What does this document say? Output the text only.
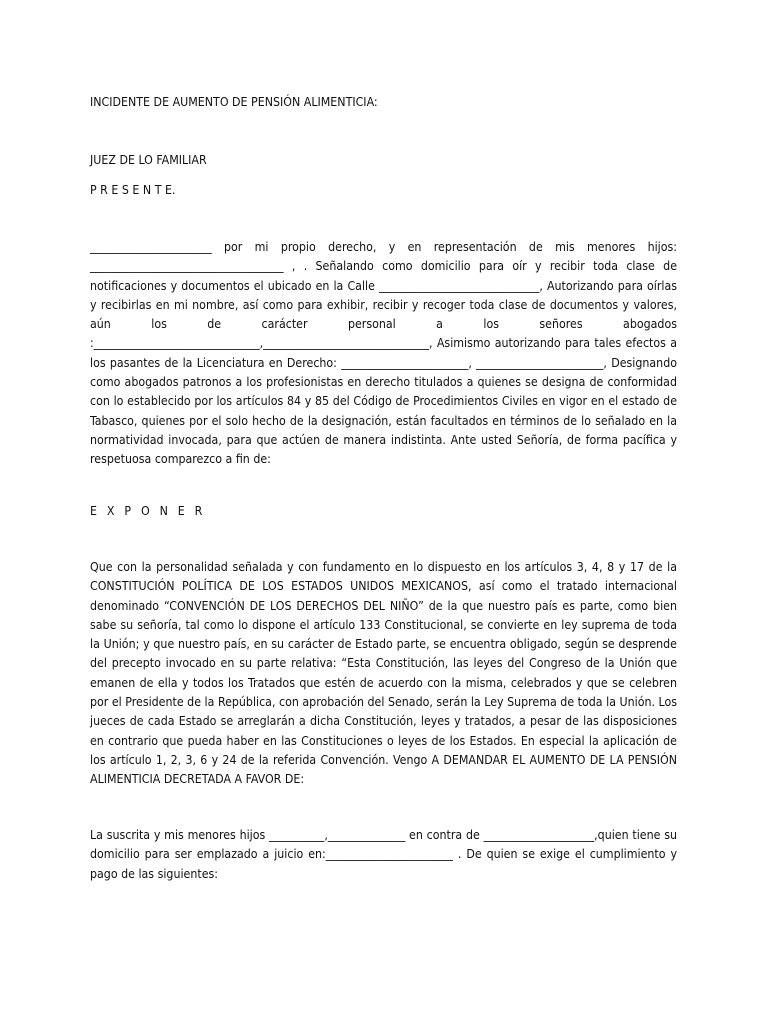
INCIDENTE DE AUMENTO DE PENSIÓN ALIMENTICIA:

JUEZ DE LO FAMILIAR

P R E S E N T E.

______________________ por mi propio derecho, y en representación de mis menores hijos: ___________________________________ , . Señalando como domicilio para oír y recibir toda clase de notificaciones y documentos el ubicado en la Calle _____________________________, Autorizando para oírlas y recibirlas en mi nombre, así como para exhibir, recibir y recoger toda clase de documentos y valores, aún los de carácter personal a los señores abogados :______________________________,______________________________, Asimismo autorizando para tales efectos a los pasantes de la Licenciatura en Derecho: _______________________, _______________________, Designando como abogados patronos a los profesionistas en derecho titulados a quienes se designa de conformidad con lo establecido por los artículos 84 y 85 del Código de Procedimientos Civiles en vigor en el estado de Tabasco, quienes por el solo hecho de la designación, están facultados en términos de lo señalado en la normatividad invocada, para que actúen de manera indistinta. Ante usted Señoría, de forma pacífica y respetuosa comparezco a fin de:

E X P O N E R

Que con la personalidad señalada y con fundamento en lo dispuesto en los artículos 3, 4, 8 y 17 de la CONSTITUCIÓN POLÍTICA DE LOS ESTADOS UNIDOS MEXICANOS, así como el tratado internacional denominado “CONVENCIÓN DE LOS DERECHOS DEL NIÑO” de la que nuestro país es parte, como bien sabe su señoría, tal como lo dispone el artículo 133 Constitucional, se convierte en ley suprema de toda la Unión; y que nuestro país, en su carácter de Estado parte, se encuentra obligado, según se desprende del precepto invocado en su parte relativa: “Esta Constitución, las leyes del Congreso de la Unión que emanen de ella y todos los Tratados que estén de acuerdo con la misma, celebrados y que se celebren por el Presidente de la República, con aprobación del Senado, serán la Ley Suprema de toda la Unión. Los jueces de cada Estado se arreglarán a dicha Constitución, leyes y tratados, a pesar de las disposiciones en contrario que pueda haber en las Constituciones o leyes de los Estados. En especial la aplicación de los artículo 1, 2, 3, 6 y 24 de la referida Convención. Vengo A DEMANDAR EL AUMENTO DE LA PENSIÓN ALIMENTICIA DECRETADA A FAVOR DE:

La suscrita y mis menores hijos __________,______________ en contra de ____________________,quien tiene su domicilio para ser emplazado a juicio en:_______________________ . De quien se exige el cumplimiento y pago de las siguientes:
